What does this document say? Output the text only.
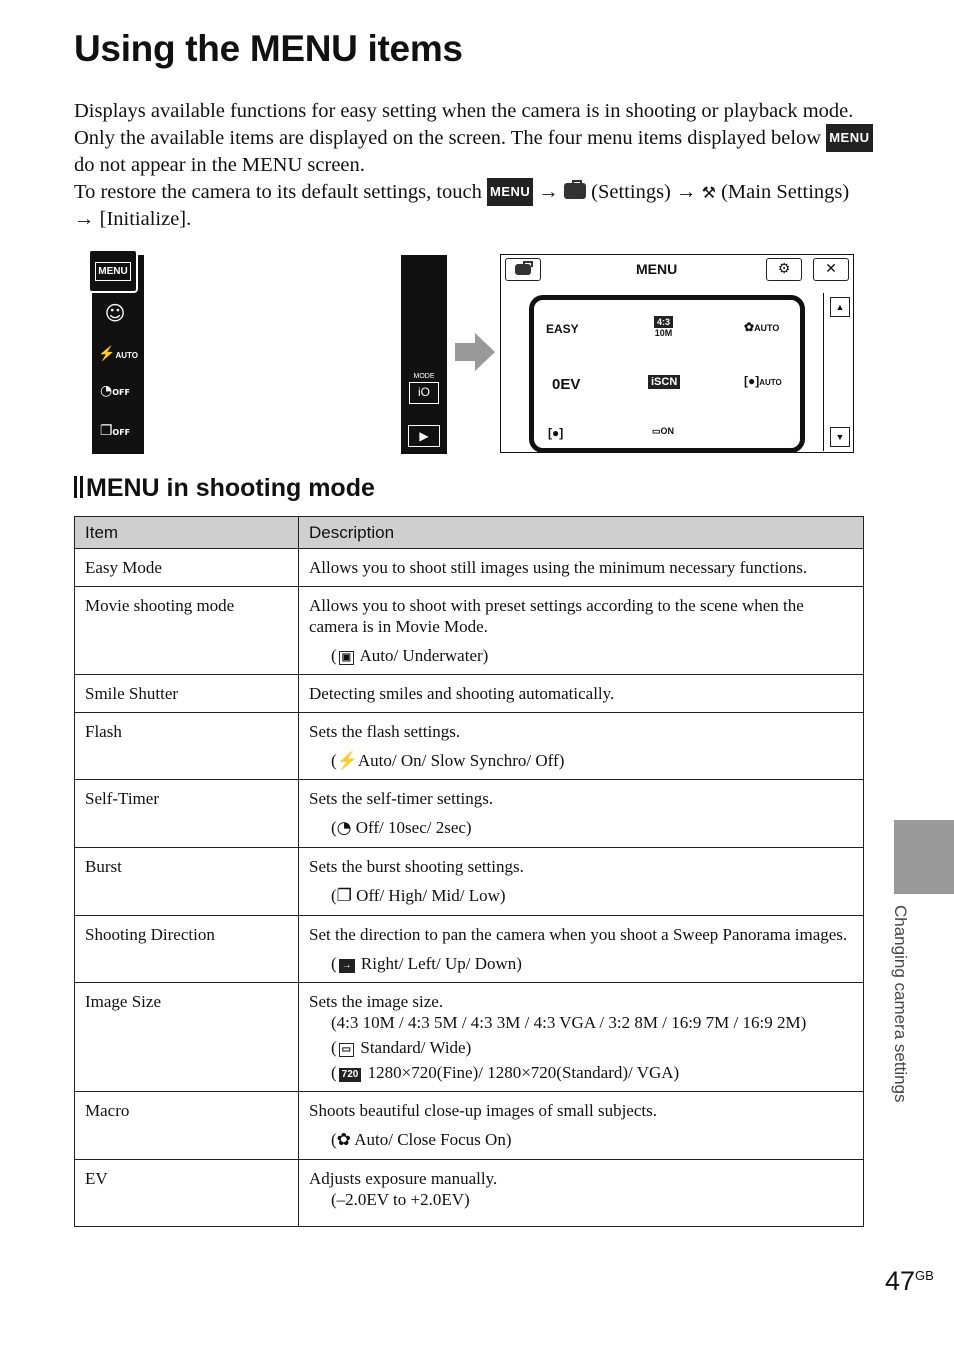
Using the MENU items

Displays available functions for easy setting when the camera is in shooting or playback mode. Only the available items are displayed on the screen. The four menu items displayed below MENU do not appear in the MENU screen.

To restore the camera to its default settings, touch MENU → (Settings) → ⚒ (Main Settings) → [Initialize].

MENU
☺
⚡AUTO
◔OFF
❐OFF
MODE
iO
▶
MENU	⚙	✕
EASY	4:3
10M	✿AUTO
0EV	iSCN	[●]AUTO
[●]	▭ON
▲
▼
MENU in shooting mode
Item	Description
Easy Mode	Allows you to shoot still images using the minimum necessary functions.
Movie shooting mode	Allows you to shoot with preset settings according to the scene when the camera is in Movie Mode.
( ▣ Auto/ Underwater)

Smile Shutter	Detecting smiles and shooting automatically.
Flash	Sets the flash settings.
(⚡Auto/ On/ Slow Synchro/ Off)

Self-Timer	Sets the self-timer settings.
(◔ Off/ 10sec/ 2sec)

Burst	Sets the burst shooting settings.
(❐ Off/ High/ Mid/ Low)

Shooting Direction	Set the direction to pan the camera when you shoot a Sweep Panorama images.
( → Right/ Left/ Up/ Down)

Image Size	Sets the image size.
(4:3 10M / 4:3 5M / 4:3 3M / 4:3 VGA / 3:2 8M / 16:9 7M / 16:9 2M)
( ▭ Standard/ Wide)
( 720 1280×720(Fine)/ 1280×720(Standard)/ VGA)

Macro	Shoots beautiful close-up images of small subjects.
(✿ Auto/ Close Focus On)

EV	Adjusts exposure manually.
(–2.0EV to +2.0EV)
Changing camera settings
$47^{GB}$
